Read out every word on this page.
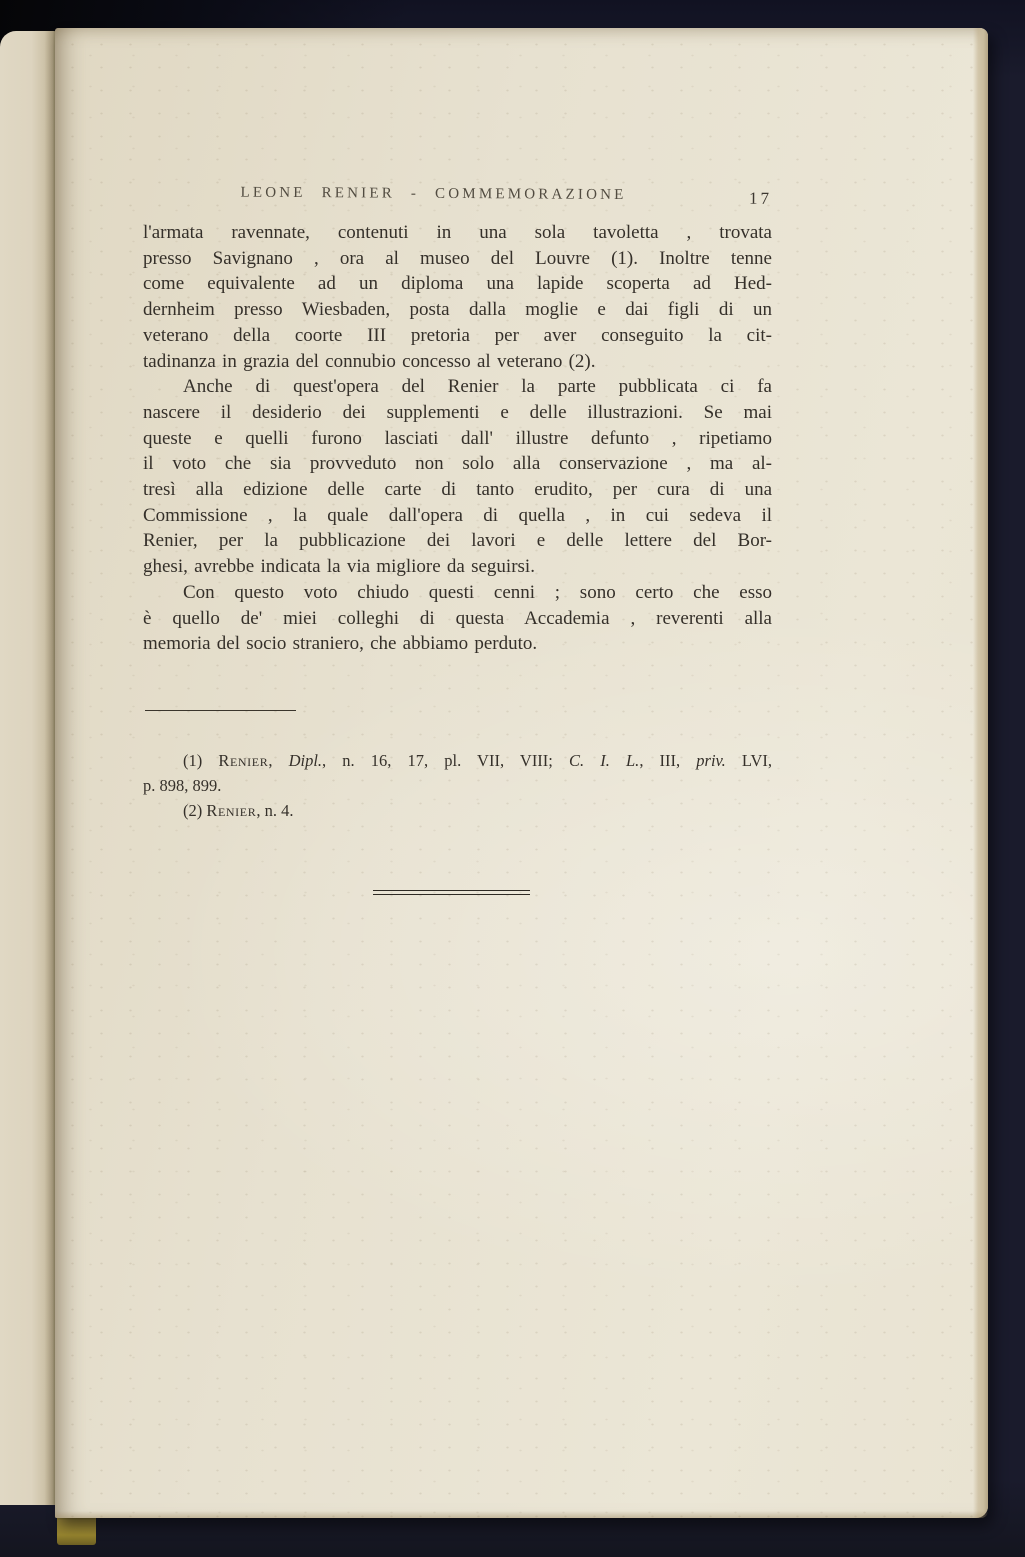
LEONE RENIER - COMMEMORAZIONE	17
l'armata ravennate, contenuti in una sola tavoletta , trovata
presso Savignano , ora al museo del Louvre (1). Inoltre tenne
come equivalente ad un diploma una lapide scoperta ad Hed-
dernheim presso Wiesbaden, posta dalla moglie e dai figli di un
veterano della coorte III pretoria per aver conseguito la cit-
tadinanza in grazia del connubio concesso al veterano (2).
Anche di quest'opera del Renier la parte pubblicata ci fa
nascere il desiderio dei supplementi e delle illustrazioni. Se mai
queste e quelli furono lasciati dall' illustre defunto , ripetiamo
il voto che sia provveduto non solo alla conservazione , ma al-
tresì alla edizione delle carte di tanto erudito, per cura di una
Commissione , la quale dall'opera di quella , in cui sedeva il
Renier, per la pubblicazione dei lavori e delle lettere del Bor-
ghesi, avrebbe indicata la via migliore da seguirsi.
Con questo voto chiudo questi cenni ; sono certo che esso
è quello de' miei colleghi di questa Accademia , reverenti alla
memoria del socio straniero, che abbiamo perduto.
(1) Renier, Dipl., n. 16, 17, pl. VII, VIII; C. I. L., III, priv. LVI,
p. 898, 899.
(2) Renier, n. 4.
